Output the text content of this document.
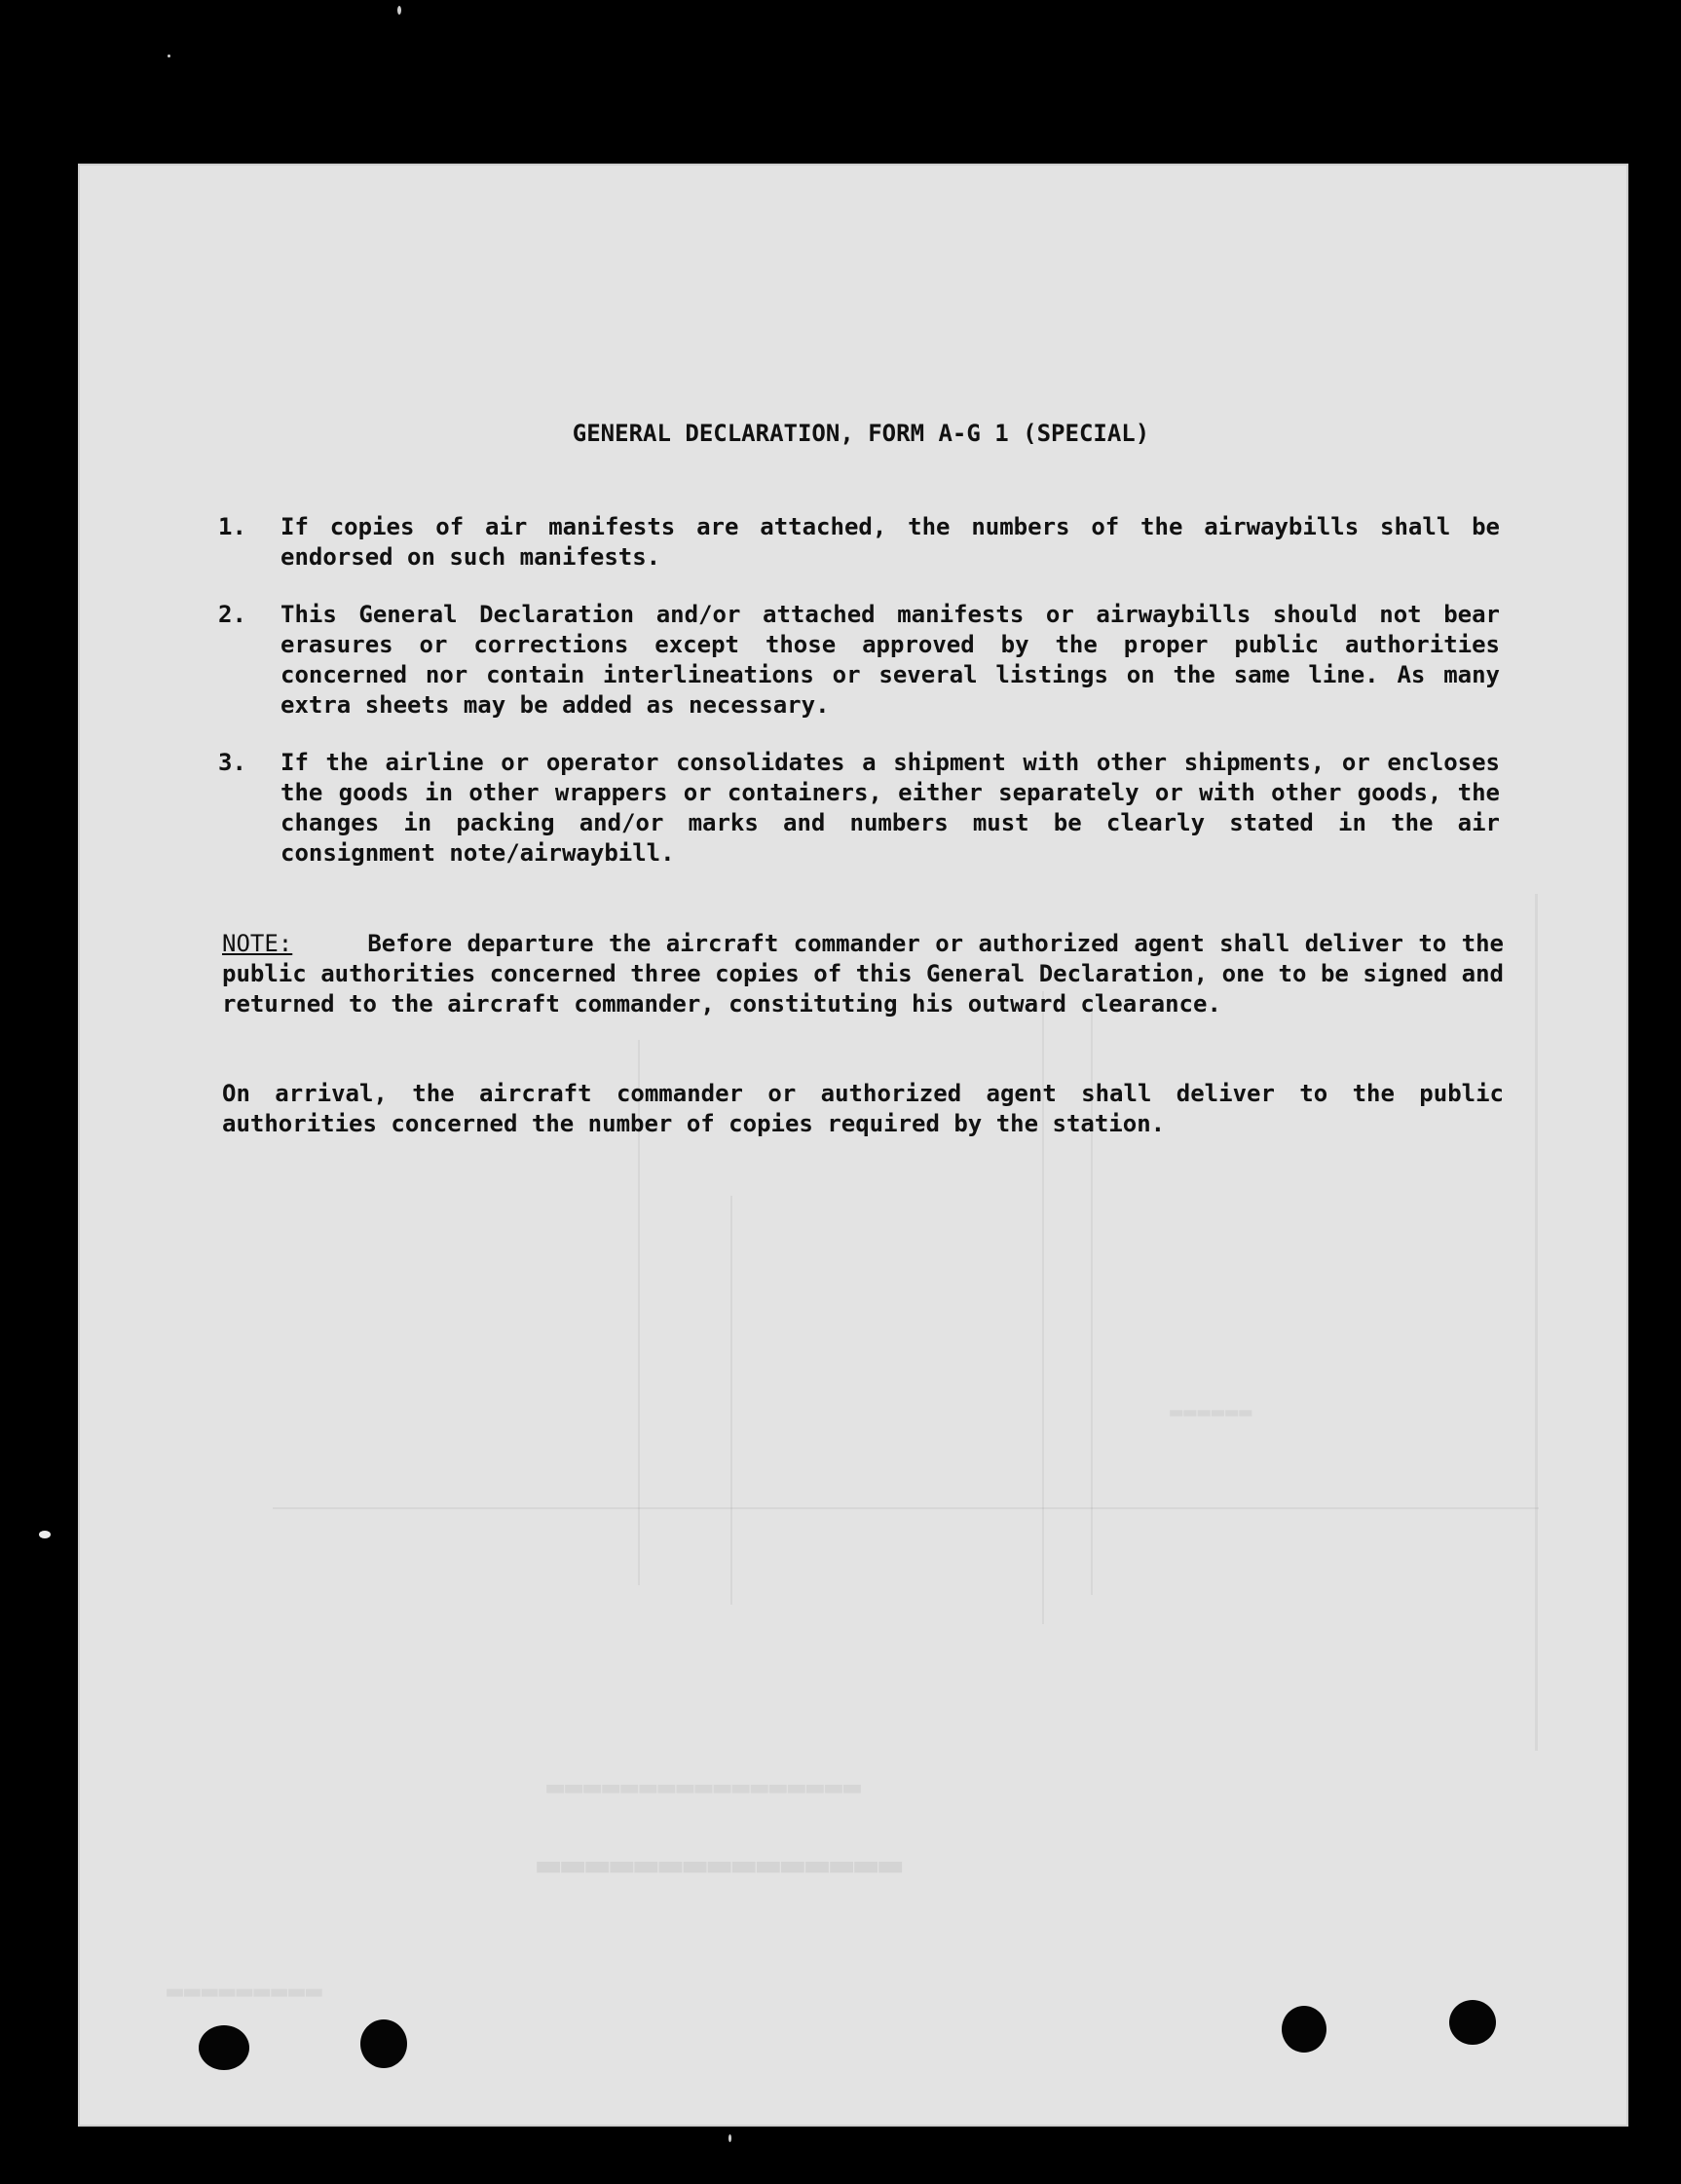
▬▬▬▬▬▬▬▬▬▬▬▬▬▬▬▬▬
▬▬▬▬▬▬▬▬▬▬▬▬▬▬▬
▬▬▬▬▬▬▬▬▬
▬▬▬▬▬▬
GENERAL DECLARATION, FORM A-G 1 (SPECIAL)
1. If copies of air manifests are attached, the numbers of the airwaybills shall be endorsed on such manifests.
2. This General Declaration and/or attached manifests or airwaybills should not bear erasures or corrections except those approved by the proper public authorities concerned nor contain interlineations or several listings on the same line. As many extra sheets may be added as necessary.
3. If the airline or operator consolidates a shipment with other shipments, or encloses the goods in other wrappers or containers, either separately or with other goods, the changes in packing and/or marks and numbers must be clearly stated in the air consignment note/airwaybill.
NOTE:	Before departure the aircraft commander or authorized agent shall deliver to the public authorities concerned three copies of this General Declaration, one to be signed and returned to the aircraft commander, constituting his outward clearance.
On arrival, the aircraft commander or authorized agent shall deliver to the public authorities concerned the number of copies required by the station.
